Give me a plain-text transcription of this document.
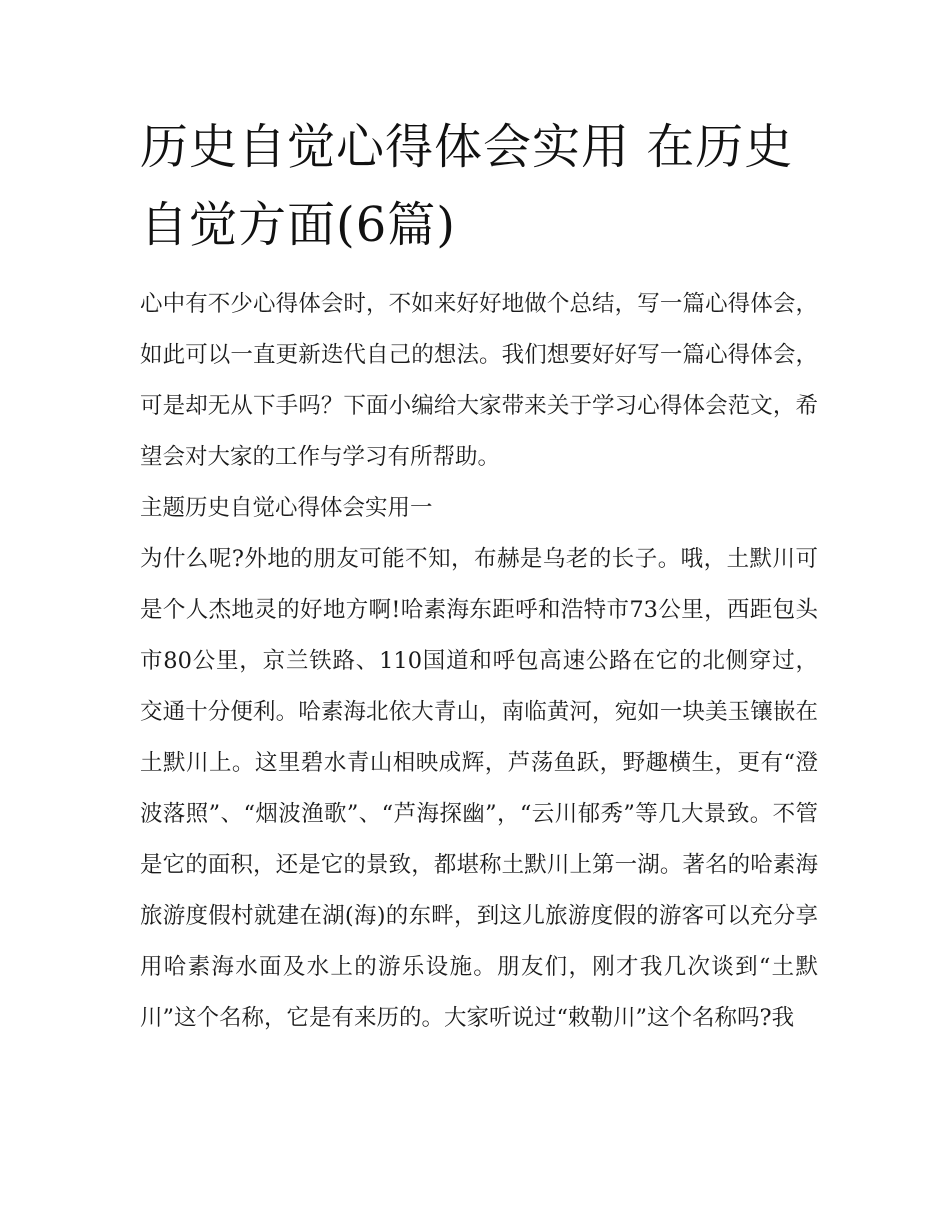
历史自觉心得体会实用 在历史自觉方面(6篇)

心中有不少心得体会时，不如来好好地做个总结，写一篇心得体会，如此可以一直更新迭代自己的想法。我们想要好好写一篇心得体会，可是却无从下手吗？下面小编给大家带来关于学习心得体会范文，希望会对大家的工作与学习有所帮助。

主题历史自觉心得体会实用一

为什么呢?外地的朋友可能不知，布赫是乌老的长子。哦，土默川可是个人杰地灵的好地方啊!哈素海东距呼和浩特市73公里，西距包头市80公里，京兰铁路、110国道和呼包高速公路在它的北侧穿过，交通十分便利。哈素海北依大青山，南临黄河，宛如一块美玉镶嵌在土默川上。这里碧水青山相映成辉，芦荡鱼跃，野趣横生，更有“澄波落照”、“烟波渔歌”、“芦海探幽”，“云川郁秀”等几大景致。不管是它的面积，还是它的景致，都堪称土默川上第一湖。著名的哈素海旅游度假村就建在湖(海)的东畔，到这儿旅游度假的游客可以充分享用哈素海水面及水上的游乐设施。朋友们，刚才我几次谈到“土默川”这个名称，它是有来历的。大家听说过“敕勒川”这个名称吗?我
